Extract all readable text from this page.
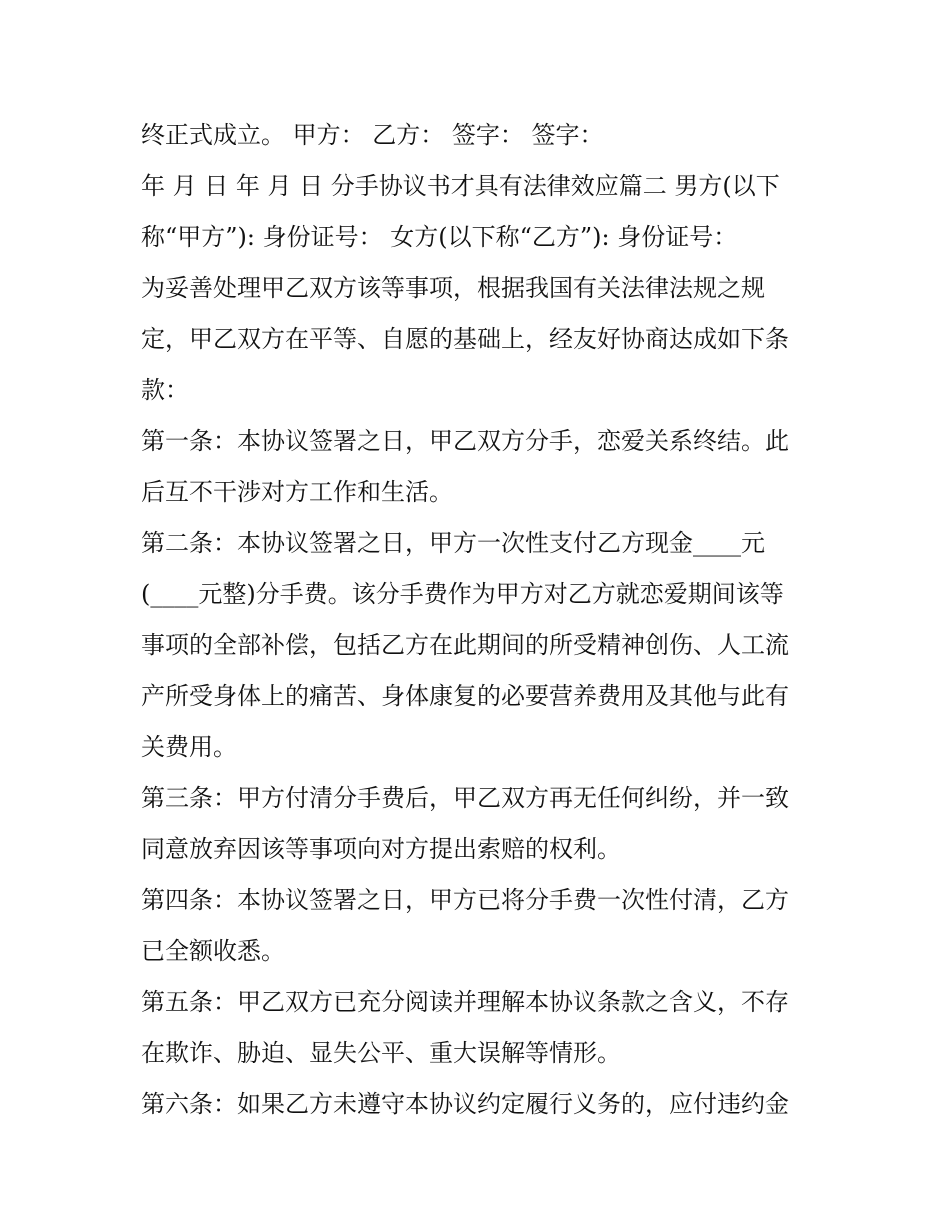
终正式成立。 甲方： 乙方： 签字： 签字：
年 月 日 年 月 日 分手协议书才具有法律效应篇二 男方(以下
称“甲方”): 身份证号： 女方(以下称“乙方”): 身份证号：
为妥善处理甲乙双方该等事项，根据我国有关法律法规之规
定，甲乙双方在平等、自愿的基础上，经友好协商达成如下条
款：
第一条：本协议签署之日，甲乙双方分手，恋爱关系终结。此
后互不干涉对方工作和生活。
第二条：本协议签署之日，甲方一次性支付乙方现金____元
(____元整)分手费。该分手费作为甲方对乙方就恋爱期间该等
事项的全部补偿，包括乙方在此期间的所受精神创伤、人工流
产所受身体上的痛苦、身体康复的必要营养费用及其他与此有
关费用。
第三条：甲方付清分手费后，甲乙双方再无任何纠纷，并一致
同意放弃因该等事项向对方提出索赔的权利。
第四条：本协议签署之日，甲方已将分手费一次性付清，乙方
已全额收悉。
第五条：甲乙双方已充分阅读并理解本协议条款之含义，不存
在欺诈、胁迫、显失公平、重大误解等情形。
第六条：如果乙方未遵守本协议约定履行义务的，应付违约金
